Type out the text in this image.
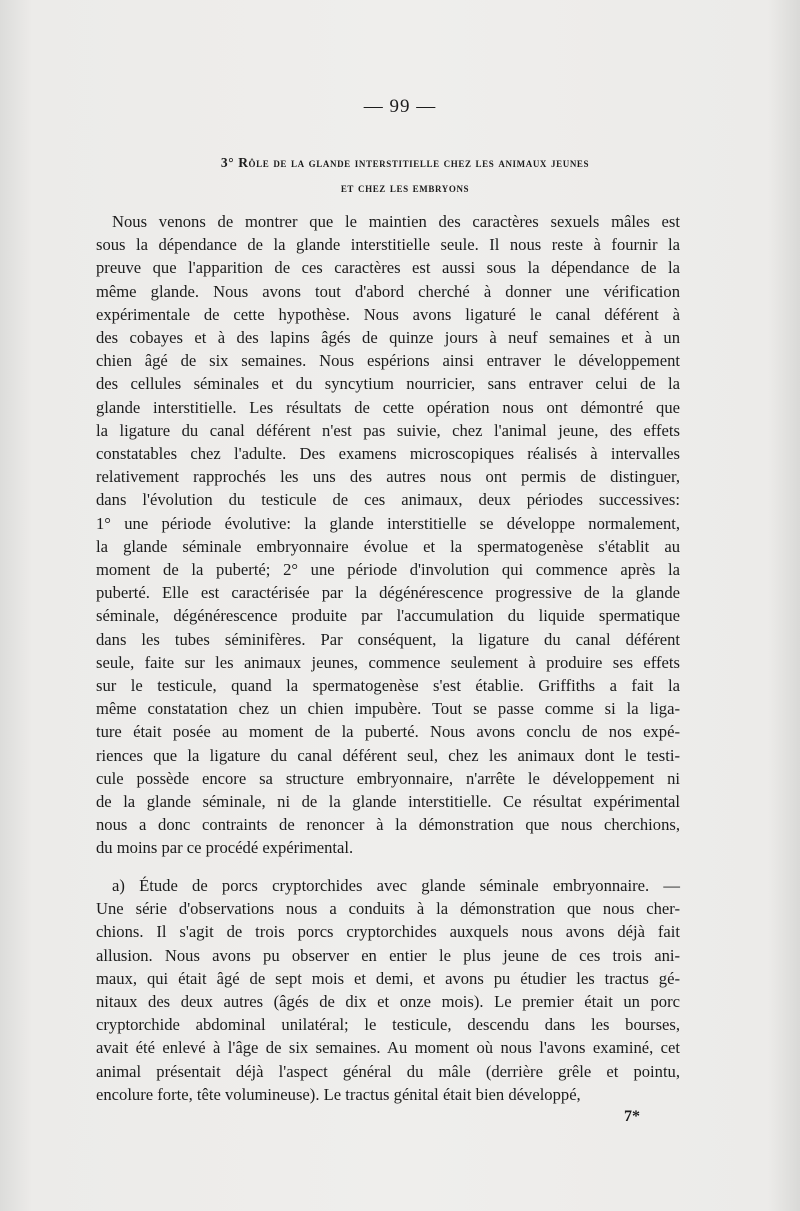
— 99 —
3° Rôle de la glande interstitielle chez les animaux jeunes
et chez les embryons
Nous venons de montrer que le maintien des caractères sexuels mâles est
sous la dépendance de la glande interstitielle seule. Il nous reste à fournir la
preuve que l'apparition de ces caractères est aussi sous la dépendance de la
même glande. Nous avons tout d'abord cherché à donner une vérification
expérimentale de cette hypothèse. Nous avons ligaturé le canal déférent à
des cobayes et à des lapins âgés de quinze jours à neuf semaines et à un
chien âgé de six semaines. Nous espérions ainsi entraver le développement
des cellules séminales et du syncytium nourricier, sans entraver celui de la
glande interstitielle. Les résultats de cette opération nous ont démontré que
la ligature du canal déférent n'est pas suivie, chez l'animal jeune, des effets
constatables chez l'adulte. Des examens microscopiques réalisés à intervalles
relativement rapprochés les uns des autres nous ont permis de distinguer,
dans l'évolution du testicule de ces animaux, deux périodes successives:
1° une période évolutive: la glande interstitielle se développe normalement,
la glande séminale embryonnaire évolue et la spermatogenèse s'établit au
moment de la puberté; 2° une période d'involution qui commence après la
puberté. Elle est caractérisée par la dégénérescence progressive de la glande
séminale, dégénérescence produite par l'accumulation du liquide spermatique
dans les tubes séminifères. Par conséquent, la ligature du canal déférent
seule, faite sur les animaux jeunes, commence seulement à produire ses effets
sur le testicule, quand la spermatogenèse s'est établie. Griffiths a fait la
même constatation chez un chien impubère. Tout se passe comme si la liga-
ture était posée au moment de la puberté. Nous avons conclu de nos expé-
riences que la ligature du canal déférent seul, chez les animaux dont le testi-
cule possède encore sa structure embryonnaire, n'arrête le développement ni
de la glande séminale, ni de la glande interstitielle. Ce résultat expérimental
nous a donc contraints de renoncer à la démonstration que nous cherchions,
du moins par ce procédé expérimental.
a) Étude de porcs cryptorchides avec glande séminale embryonnaire. —
Une série d'observations nous a conduits à la démonstration que nous cher-
chions. Il s'agit de trois porcs cryptorchides auxquels nous avons déjà fait
allusion. Nous avons pu observer en entier le plus jeune de ces trois ani-
maux, qui était âgé de sept mois et demi, et avons pu étudier les tractus gé-
nitaux des deux autres (âgés de dix et onze mois). Le premier était un porc
cryptorchide abdominal unilatéral; le testicule, descendu dans les bourses,
avait été enlevé à l'âge de six semaines. Au moment où nous l'avons examiné, cet
animal présentait déjà l'aspect général du mâle (derrière grêle et pointu,
encolure forte, tête volumineuse). Le tractus génital était bien développé,
7*
